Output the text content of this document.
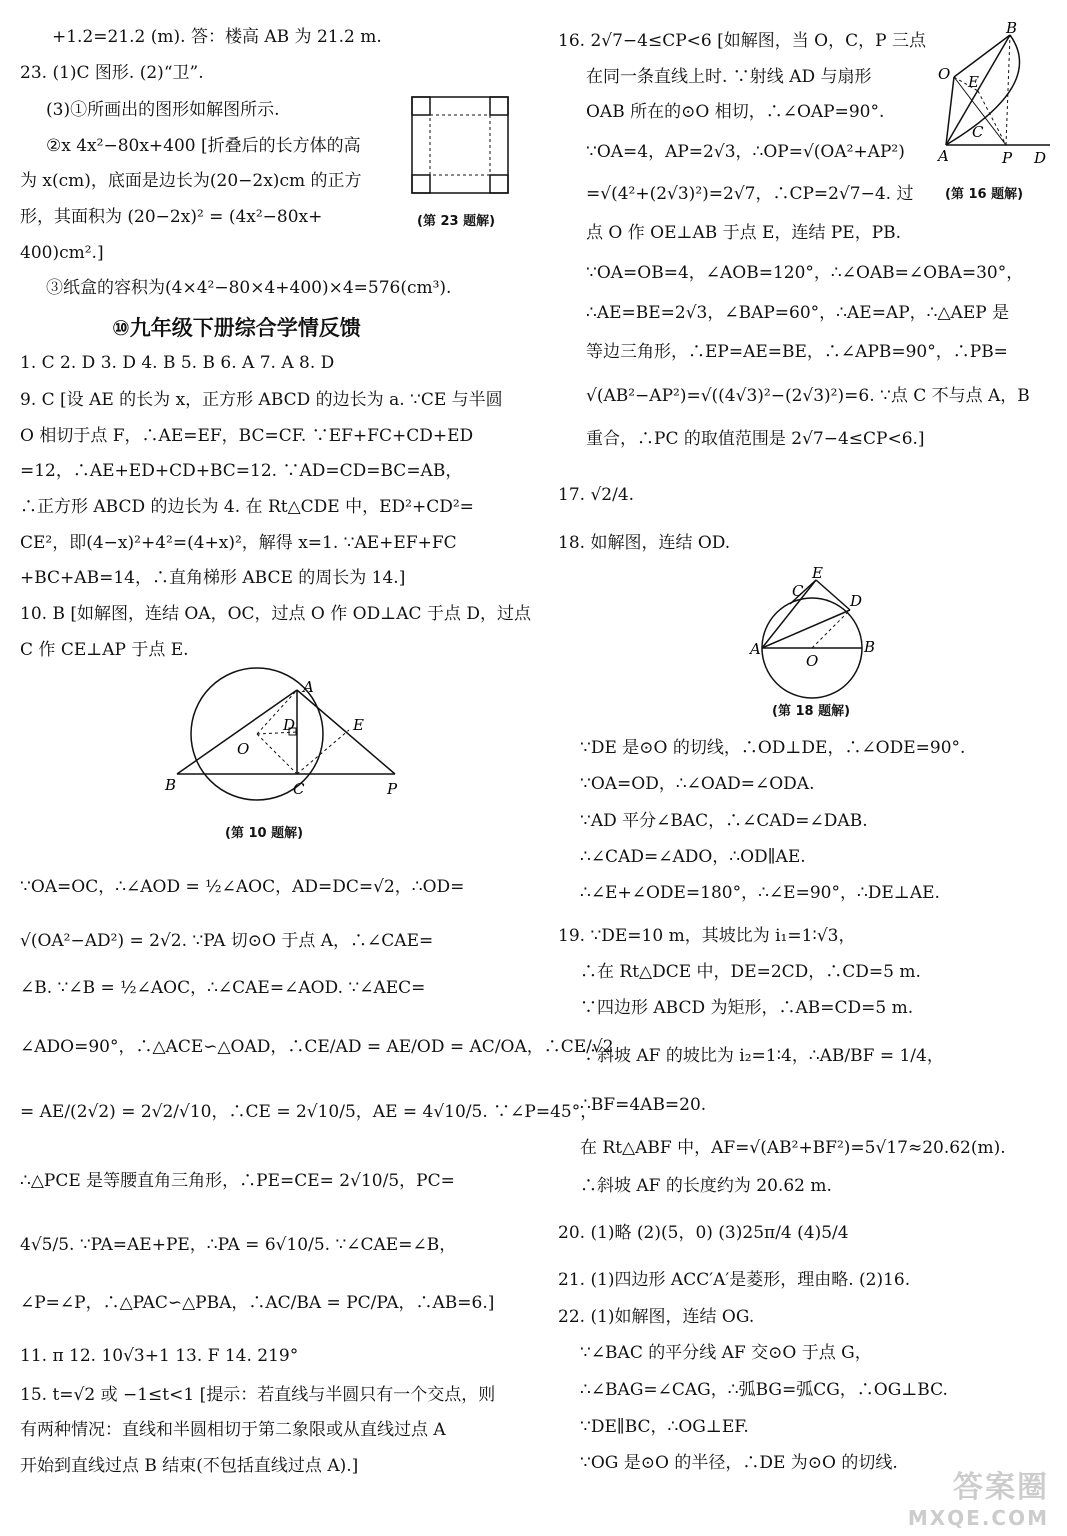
+1.2=21.2 (m). 答：楼高 AB 为 21.2 m.
23. (1)C 图形. (2)“卫”.
(3)①所画出的图形如解图所示.
②x 4x²−80x+400 [折叠后的长方体的高
为 x(cm)，底面是边长为(20−2x)cm 的正方
形，其面积为 (20−2x)² = (4x²−80x+
400)cm².]
③纸盒的容积为(4×4²−80×4+400)×4=576(cm³).
(第 23 题解)
⑩九年级下册综合学情反馈
1. C 2. D 3. D 4. B 5. B 6. A 7. A 8. D
9. C [设 AE 的长为 x，正方形 ABCD 的边长为 a. ∵CE 与半圆
O 相切于点 F，∴AE=EF，BC=CF. ∵EF+FC+CD+ED
=12，∴AE+ED+CD+BC=12. ∵AD=CD=BC=AB，
∴正方形 ABCD 的边长为 4. 在 Rt△CDE 中，ED²+CD²=
CE²，即(4−x)²+4²=(4+x)²，解得 x=1. ∵AE+EF+FC
+BC+AB=14，∴直角梯形 ABCE 的周长为 14.]
10. B [如解图，连结 OA，OC，过点 O 作 OD⊥AC 于点 D，过点
C 作 CE⊥AP 于点 E.
A
B	C
D	E
O
P
(第 10 题解)
∵OA=OC，∴∠AOD = ½∠AOC，AD=DC=√2，∴OD=
√(OA²−AD²) = 2√2. ∵PA 切⊙O 于点 A，∴∠CAE=
∠B. ∵∠B = ½∠AOC，∴∠CAE=∠AOD. ∵∠AEC=
∠ADO=90°，∴△ACE∽△OAD，∴CE/AD = AE/OD = AC/OA，∴CE/√2
= AE/(2√2) = 2√2/√10，∴CE = 2√10/5，AE = 4√10/5. ∵∠P=45°，
∴△PCE 是等腰直角三角形，∴PE=CE= 2√10/5，PC=
4√5/5. ∵PA=AE+PE，∴PA = 6√10/5. ∵∠CAE=∠B，
∠P=∠P，∴△PAC∽△PBA，∴AC/BA = PC/PA，∴AB=6.]
11. π 12. 10√3+1 13. F 14. 219°
15. t=√2 或 −1≤t<1 [提示：若直线与半圆只有一个交点，则
有两种情况：直线和半圆相切于第二象限或从直线过点 A
开始到直线过点 B 结束(不包括直线过点 A).]
16. 2√7−4≤CP<6 [如解图，当 O，C，P 三点
在同一条直线上时. ∵射线 AD 与扇形
OAB 所在的⊙O 相切，∴∠OAP=90°.
∵OA=4，AP=2√3，∴OP=√(OA²+AP²)
=√(4²+(2√3)²)=2√7，∴CP=2√7−4. 过
点 O 作 OE⊥AB 于点 E，连结 PE，PB.
∵OA=OB=4，∠AOB=120°，∴∠OAB=∠OBA=30°，
∴AE=BE=2√3，∠BAP=60°，∴AE=AP，∴△AEP 是
等边三角形，∴EP=AE=BE，∴∠APB=90°，∴PB=
√(AB²−AP²)=√((4√3)²−(2√3)²)=6. ∵点 C 不与点 A，B
重合，∴PC 的取值范围是 2√7−4≤CP<6.]
B
O E
C
A	P D
(第 16 题解)
17. √2/4.
18. 如解图，连结 OD.
C
E
D
A
O
B
(第 18 题解)
∵DE 是⊙O 的切线，∴OD⊥DE，∴∠ODE=90°.
∵OA=OD，∴∠OAD=∠ODA.
∵AD 平分∠BAC，∴∠CAD=∠DAB.
∴∠CAD=∠ADO，∴OD∥AE.
∴∠E+∠ODE=180°，∴∠E=90°，∴DE⊥AE.
19. ∵DE=10 m，其坡比为 i₁=1∶√3，
∴在 Rt△DCE 中，DE=2CD，∴CD=5 m.
∵四边形 ABCD 为矩形，∴AB=CD=5 m.
∵斜坡 AF 的坡比为 i₂=1∶4，∴AB/BF = 1/4，
∴BF=4AB=20.
在 Rt△ABF 中，AF=√(AB²+BF²)=5√17≈20.62(m).
∴斜坡 AF 的长度约为 20.62 m.
20. (1)略 (2)(5，0) (3)25π/4 (4)5/4
21. (1)四边形 ACC′A′是菱形，理由略. (2)16.
22. (1)如解图，连结 OG.
∵∠BAC 的平分线 AF 交⊙O 于点 G，
∴∠BAG=∠CAG，∴弧BG=弧CG，∴OG⊥BC.
∵DE∥BC，∴OG⊥EF.
∵OG 是⊙O 的半径，∴DE 为⊙O 的切线.
答案圈
MXQE.COM
